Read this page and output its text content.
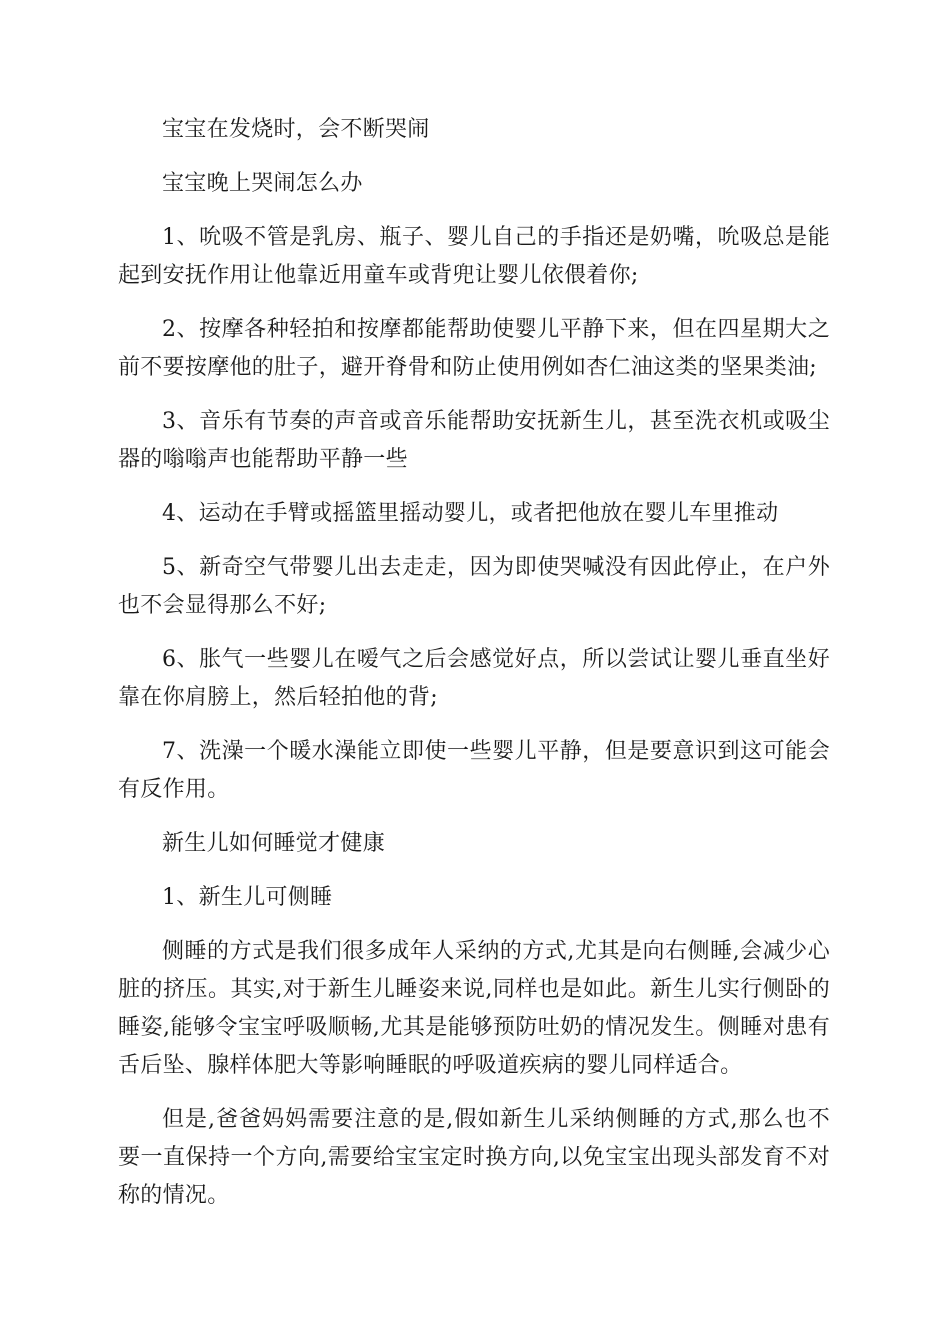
宝宝在发烧时，会不断哭闹

宝宝晚上哭闹怎么办

1、吮吸不管是乳房、瓶子、婴儿自己的手指还是奶嘴，吮吸总是能起到安抚作用让他靠近用童车或背兜让婴儿依偎着你;

2、按摩各种轻拍和按摩都能帮助使婴儿平静下来，但在四星期大之前不要按摩他的肚子，避开脊骨和防止使用例如杏仁油这类的坚果类油;

3、音乐有节奏的声音或音乐能帮助安抚新生儿，甚至洗衣机或吸尘器的嗡嗡声也能帮助平静一些

4、运动在手臂或摇篮里摇动婴儿，或者把他放在婴儿车里推动

5、新奇空气带婴儿出去走走，因为即使哭喊没有因此停止，在户外也不会显得那么不好;

6、胀气一些婴儿在嗳气之后会感觉好点，所以尝试让婴儿垂直坐好靠在你肩膀上，然后轻拍他的背;

7、洗澡一个暖水澡能立即使一些婴儿平静，但是要意识到这可能会有反作用。

新生儿如何睡觉才健康

1、新生儿可侧睡

侧睡的方式是我们很多成年人采纳的方式,尤其是向右侧睡,会减少心脏的挤压。其实,对于新生儿睡姿来说,同样也是如此。新生儿实行侧卧的睡姿,能够令宝宝呼吸顺畅,尤其是能够预防吐奶的情况发生。侧睡对患有舌后坠、腺样体肥大等影响睡眠的呼吸道疾病的婴儿同样适合。

但是,爸爸妈妈需要注意的是,假如新生儿采纳侧睡的方式,那么也不要一直保持一个方向,需要给宝宝定时换方向,以免宝宝出现头部发育不对称的情况。
